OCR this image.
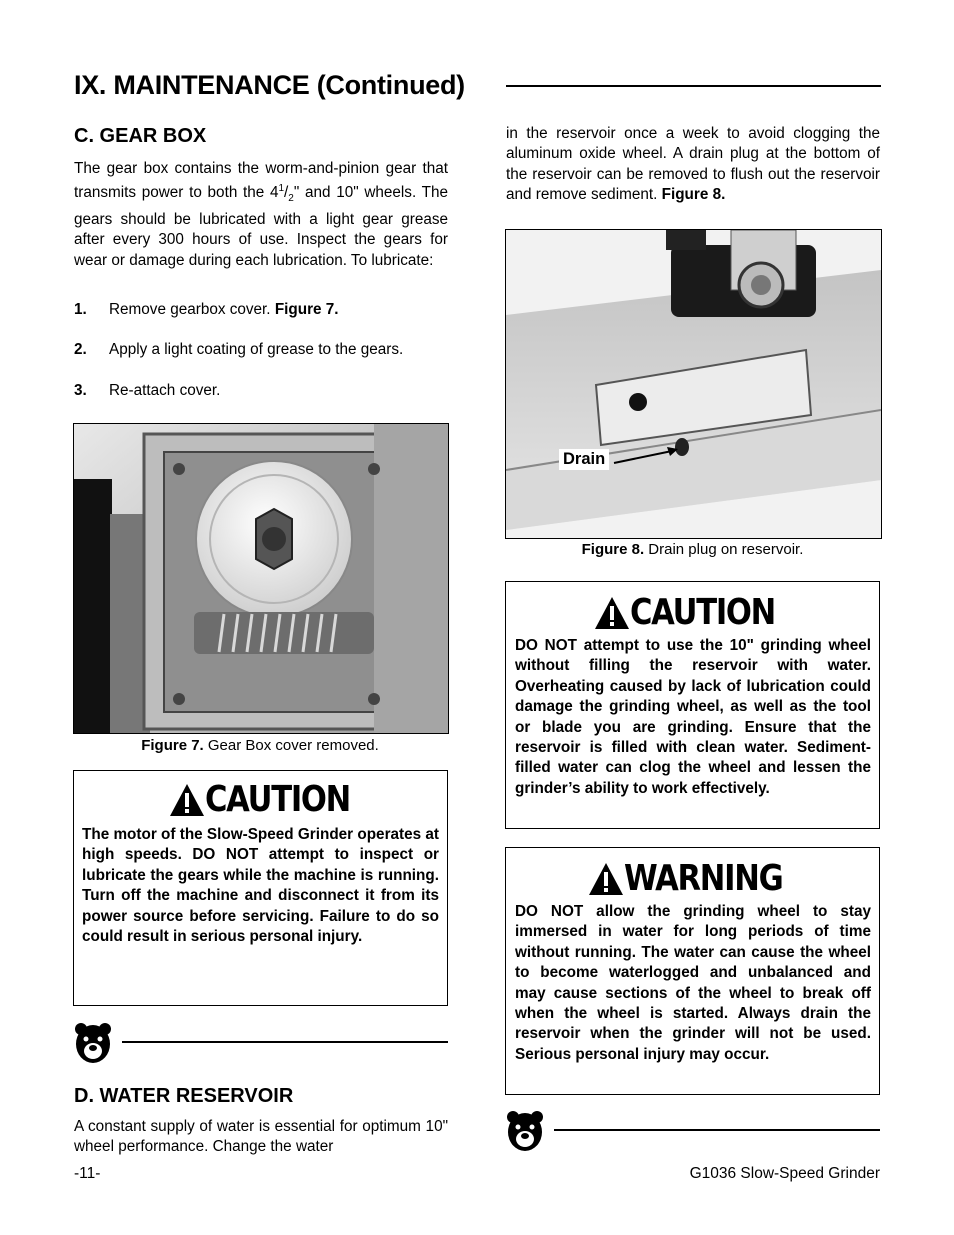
IX. MAINTENANCE (Continued)
C. GEAR BOX
The gear box contains the worm-and-pinion gear that transmits power to both the $4^1/_2$" and 10" wheels. The gears should be lubricated with a light gear grease after every 300 hours of use. Inspect the gears for wear or damage during each lubrication. To lubricate:
1. Remove gearbox cover. Figure 7.
2. Apply a light coating of grease to the gears.
3. Re-attach cover.
Figure 7. Gear Box cover removed.
CAUTION
The motor of the Slow-Speed Grinder operates at high speeds. DO NOT attempt to inspect or lubricate the gears while the machine is running. Turn off the machine and disconnect it from its power source before servicing. Failure to do so could result in serious personal injury.
D. WATER RESERVOIR
A constant supply of water is essential for optimum 10" wheel performance. Change the water
in the reservoir once a week to avoid clogging the aluminum oxide wheel. A drain plug at the bottom of the reservoir can be removed to flush out the reservoir and remove sediment. Figure 8.
Drain
Figure 8. Drain plug on reservoir.
CAUTION
DO NOT attempt to use the 10" grinding wheel without filling the reservoir with water. Overheating caused by lack of lubrication could damage the grinding wheel, as well as the tool or blade you are grinding. Ensure that the reservoir is filled with clean water. Sediment-filled water can clog the wheel and lessen the grinder’s ability to work effectively.
WARNING
DO NOT allow the grinding wheel to stay immersed in water for long periods of time without running. The water can cause the wheel to become waterlogged and unbalanced and may cause sections of the wheel to break off when the wheel is started. Always drain the reservoir when the grinder will not be used. Serious personal injury may occur.
-11-	G1036 Slow-Speed Grinder
